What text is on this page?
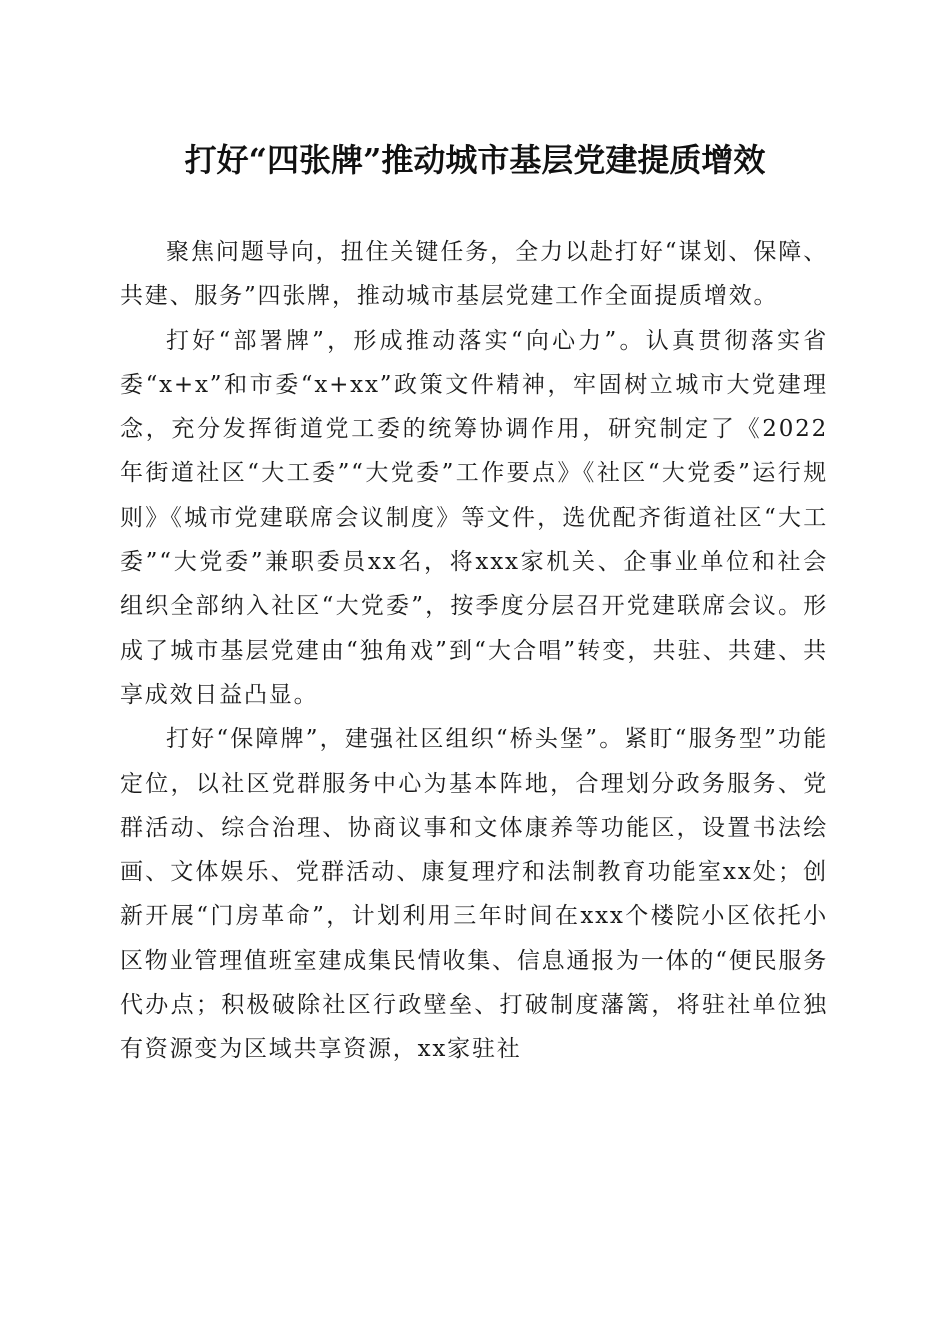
打好“四张牌”推动城市基层党建提质增效

聚焦问题导向，扭住关键任务，全力以赴打好“谋划、保障、共建、服务”四张牌，推动城市基层党建工作全面提质增效。

打好“部署牌”，形成推动落实“向心力”。认真贯彻落实省委“x+x”和市委“x+xx”政策文件精神，牢固树立城市大党建理念，充分发挥街道党工委的统筹协调作用，研究制定了《2022年街道社区“大工委”“大党委”工作要点》《社区“大党委”运行规则》《城市党建联席会议制度》等文件，选优配齐街道社区“大工委”“大党委”兼职委员xx名，将xxx家机关、企事业单位和社会组织全部纳入社区“大党委”，按季度分层召开党建联席会议。形成了城市基层党建由“独角戏”到“大合唱”转变，共驻、共建、共享成效日益凸显。

打好“保障牌”，建强社区组织“桥头堡”。紧盯“服务型”功能定位，以社区党群服务中心为基本阵地，合理划分政务服务、党群活动、综合治理、协商议事和文体康养等功能区，设置书法绘画、文体娱乐、党群活动、康复理疗和法制教育功能室xx处；创新开展“门房革命”，计划利用三年时间在xxx个楼院小区依托小区物业管理值班室建成集民情收集、信息通报为一体的“便民服务代办点；积极破除社区行政壁垒、打破制度藩篱，将驻社单位独有资源变为区域共享资源，xx家驻社
